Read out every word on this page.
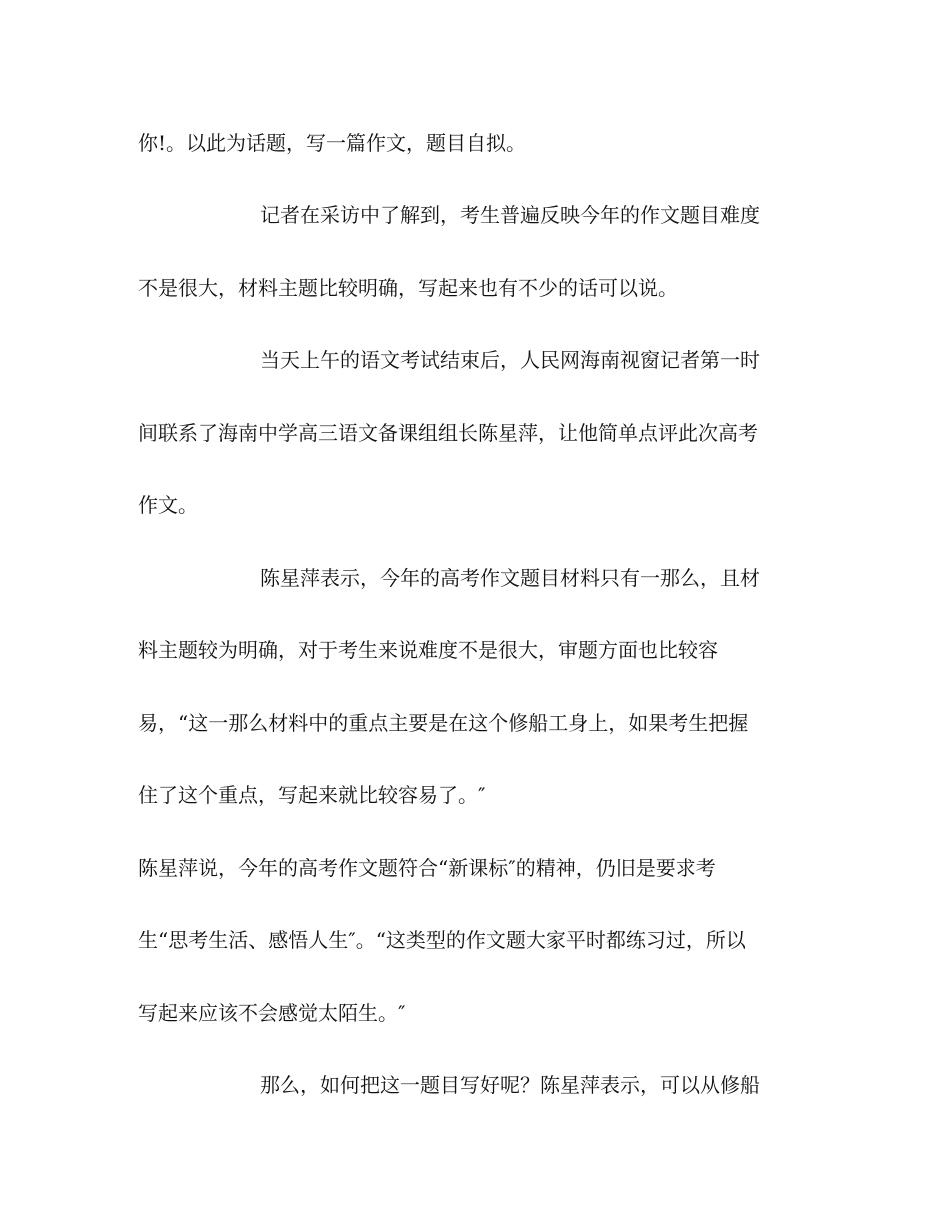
你!。以此为话题，写一篇作文，题目自拟。

记者在采访中了解到，考生普遍反映今年的作文题目难度

不是很大，材料主题比较明确，写起来也有不少的话可以说。

当天上午的语文考试结束后，人民网海南视窗记者第一时

间联系了海南中学高三语文备课组组长陈星萍，让他简单点评此次高考

作文。

陈星萍表示，今年的高考作文题目材料只有一那么，且材

料主题较为明确，对于考生来说难度不是很大，审题方面也比较容

易，“这一那么材料中的重点主要是在这个修船工身上，如果考生把握

住了这个重点，写起来就比较容易了。″

陈星萍说，今年的高考作文题符合“新课标″的精神，仍旧是要求考

生“思考生活、感悟人生″。“这类型的作文题大家平时都练习过，所以

写起来应该不会感觉太陌生。″

那么，如何把这一题目写好呢？陈星萍表示，可以从修船
